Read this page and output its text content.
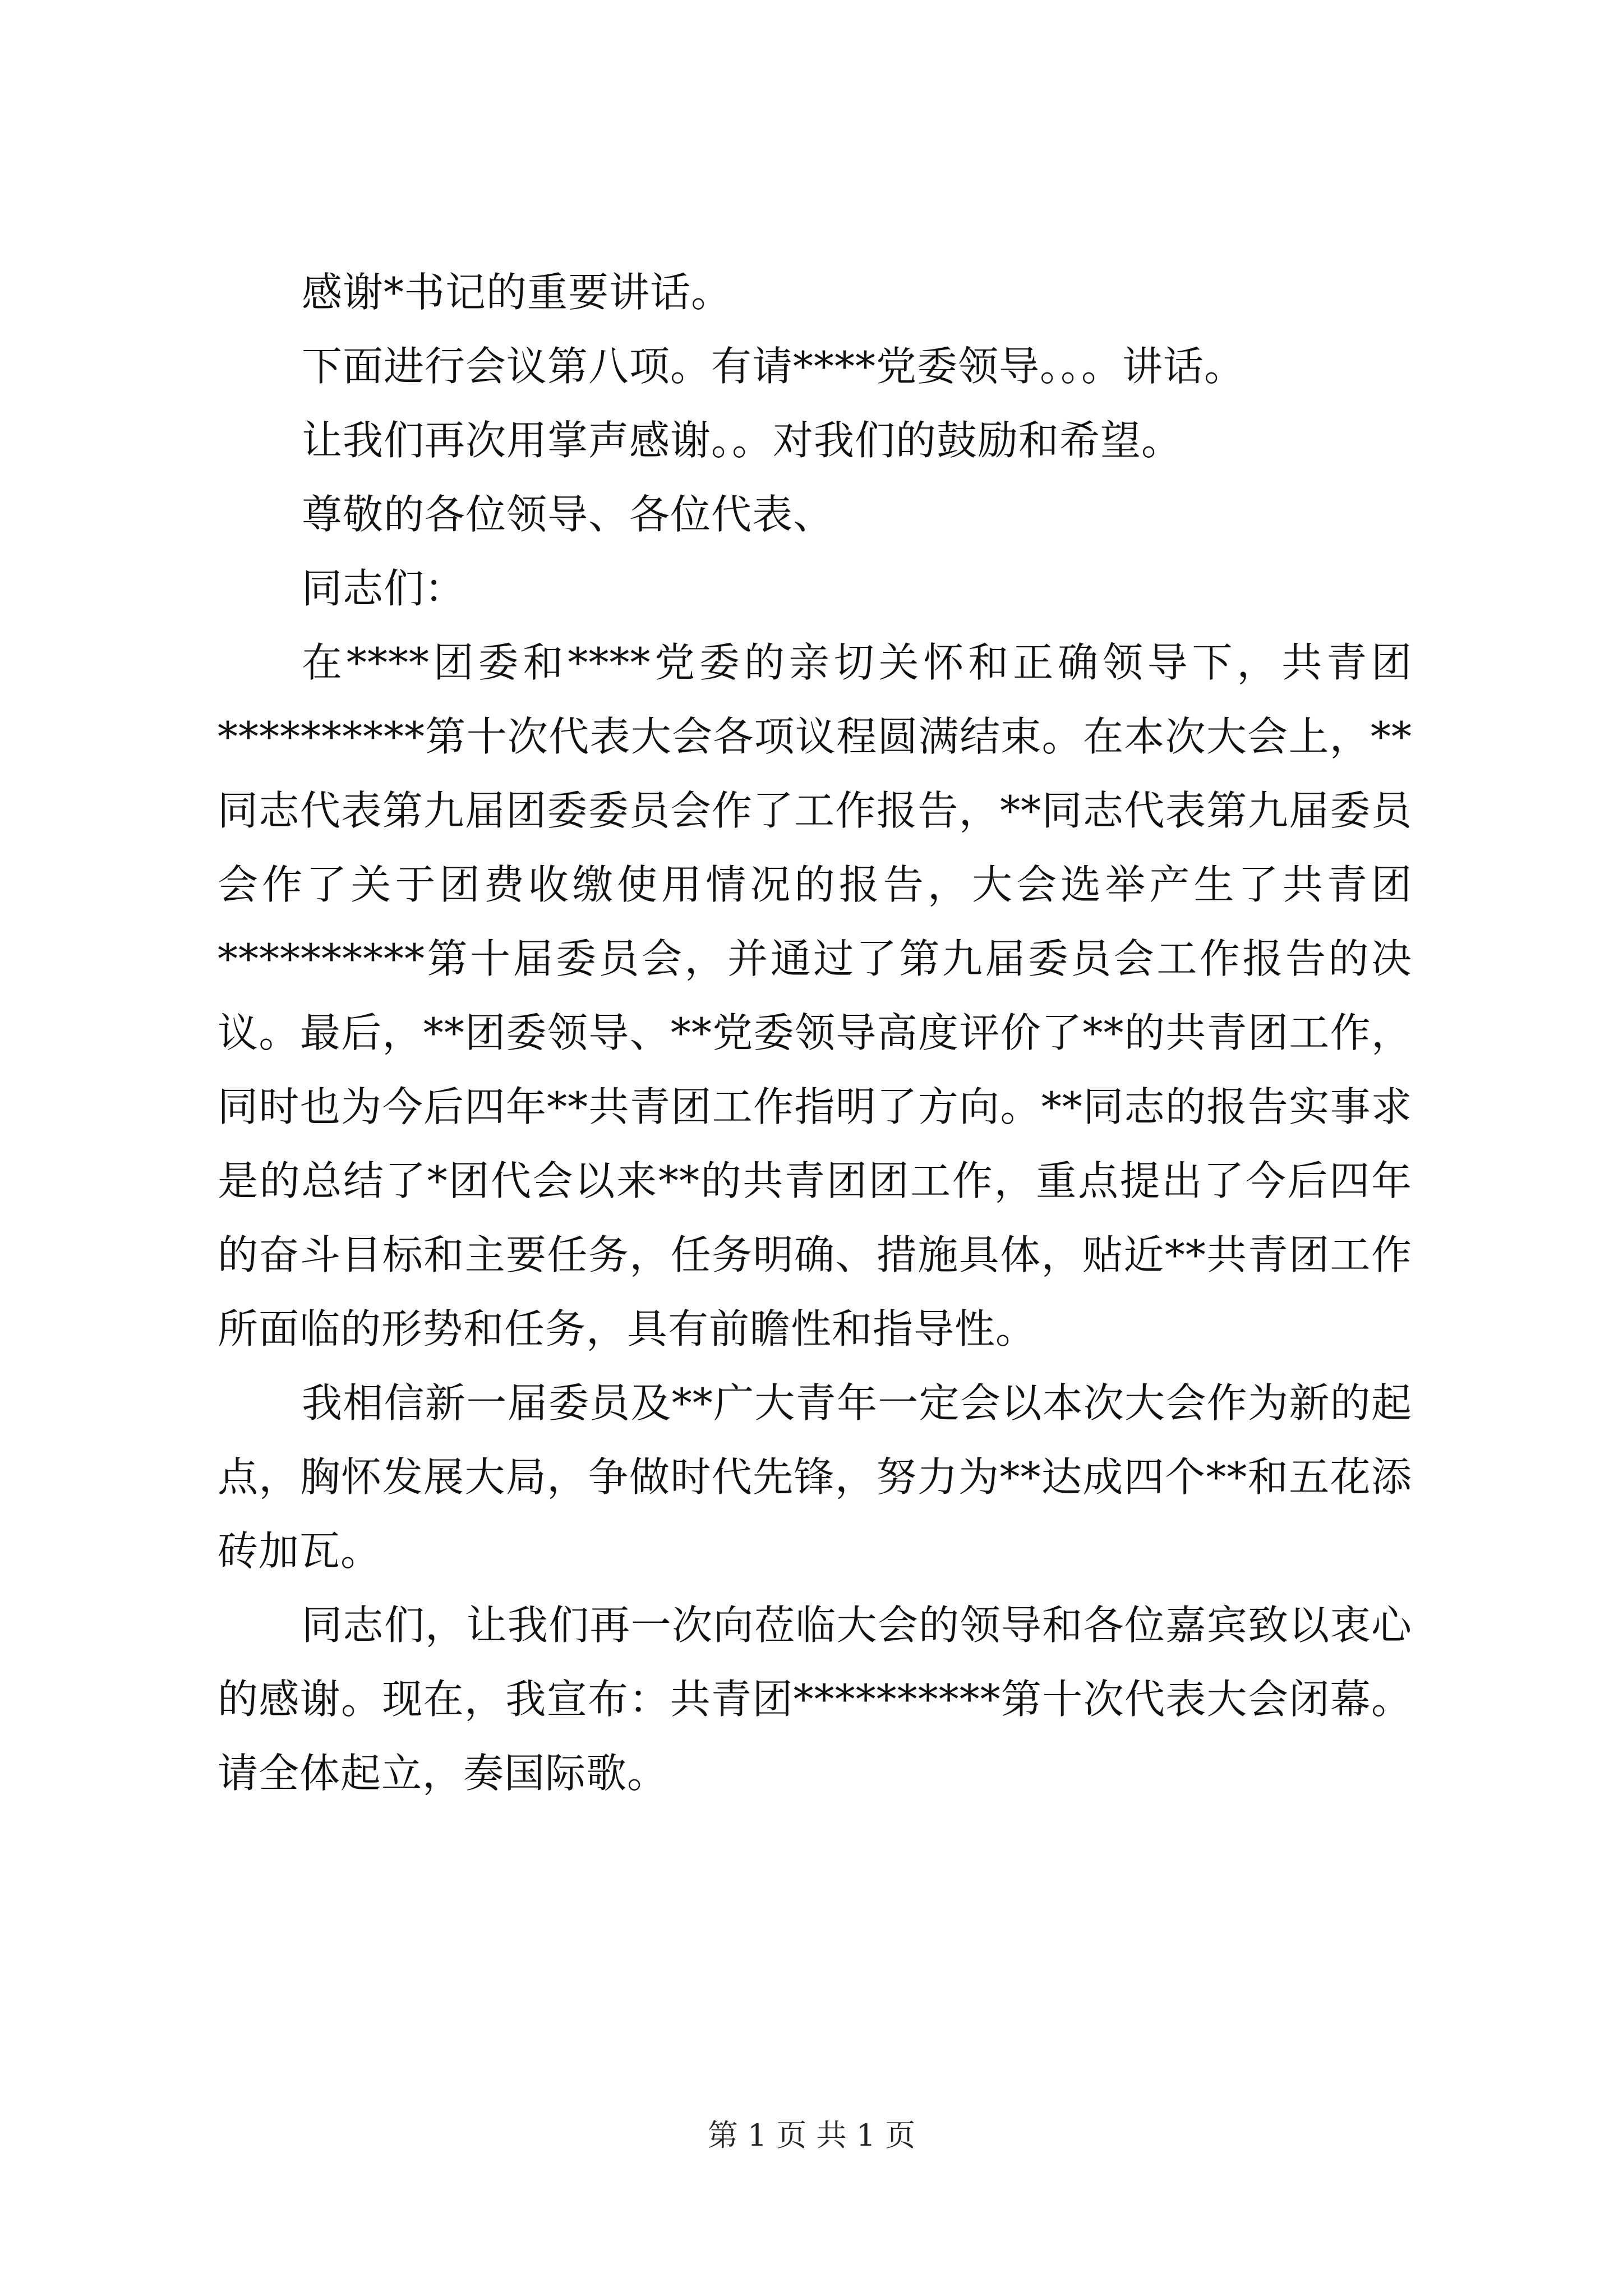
感谢*书记的重要讲话。

下面进行会议第八项。有请****党委领导。。。讲话。

让我们再次用掌声感谢。。对我们的鼓励和希望。

尊敬的各位领导、各位代表、

同志们：

在****团委和****党委的亲切关怀和正确领导下，共青团**********第十次代表大会各项议程圆满结束。在本次大会上，**同志代表第九届团委委员会作了工作报告，**同志代表第九届委员会作了关于团费收缴使用情况的报告，大会选举产生了共青团**********第十届委员会，并通过了第九届委员会工作报告的决议。最后，**团委领导、**党委领导高度评价了**的共青团工作，同时也为今后四年**共青团工作指明了方向。**同志的报告实事求是的总结了*团代会以来**的共青团团工作，重点提出了今后四年的奋斗目标和主要任务，任务明确、措施具体，贴近**共青团工作所面临的形势和任务，具有前瞻性和指导性。

我相信新一届委员及**广大青年一定会以本次大会作为新的起点，胸怀发展大局，争做时代先锋，努力为**达成四个**和五花添砖加瓦。

同志们，让我们再一次向莅临大会的领导和各位嘉宾致以衷心的感谢。现在，我宣布：共青团**********第十次代表大会闭幕。请全体起立，奏国际歌。

第 1 页 共 1 页
